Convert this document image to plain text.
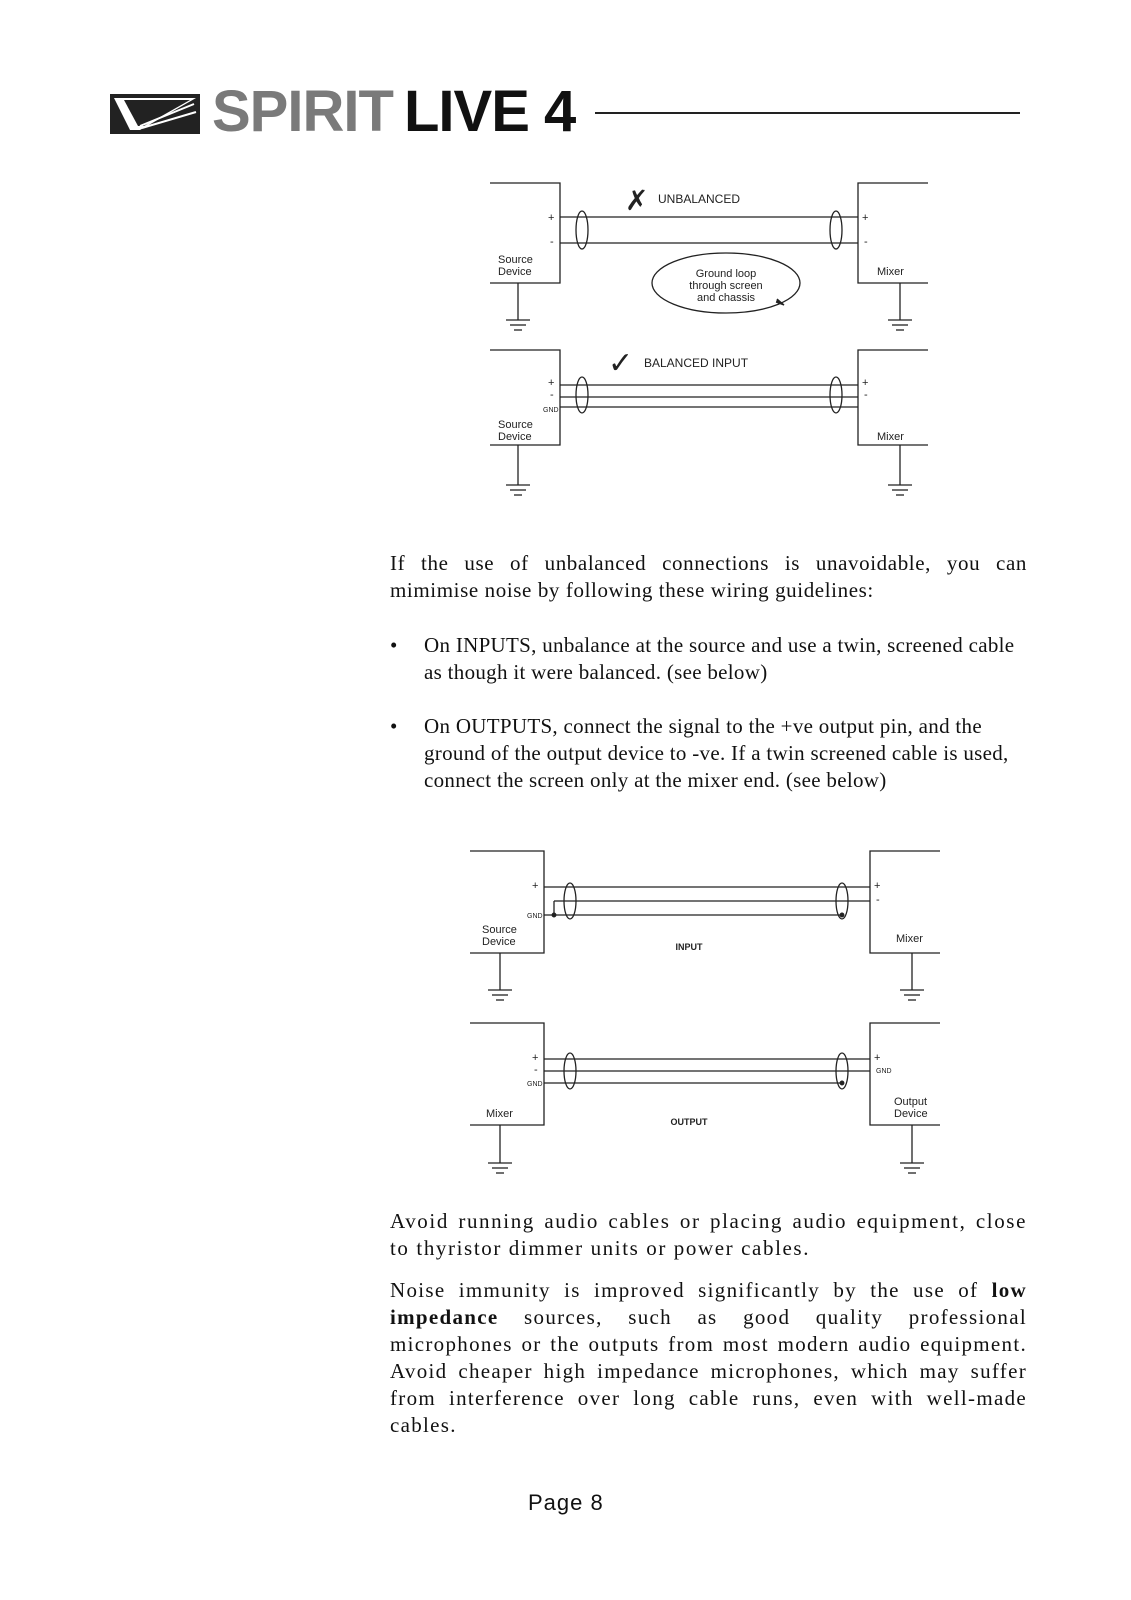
SPIRIT LIVE 4
✗ UNBALANCED
+
-
+
-
Source
Device	Mixer
Ground loop
through screen
and chassis
✓ BALANCED INPUT
+
-
GND
+
-
Source
Device	Mixer

If the use of unbalanced connections is unavoidable, you can mimimise noise by following these wiring guidelines:

• On INPUTS, unbalance at the source and use a twin, screened cable as though it were balanced. (see below)
• On OUTPUTS, connect the signal to the +ve output pin, and the ground of the output device to -ve. If a twin screened cable is used, connect the screen only at the mixer end. (see below)
+
GND
+
-
Source
Device	Mixer
INPUT
+
-
GND
+
GND
Mixer
Output
Device
OUTPUT

Avoid running audio cables or placing audio equipment, close to thyristor dimmer units or power cables.

Noise immunity is improved significantly by the use of low impedance sources, such as good quality professional microphones or the outputs from most modern audio equipment. Avoid cheaper high impedance microphones, which may suffer from interference over long cable runs, even with well-made cables.

Page 8
